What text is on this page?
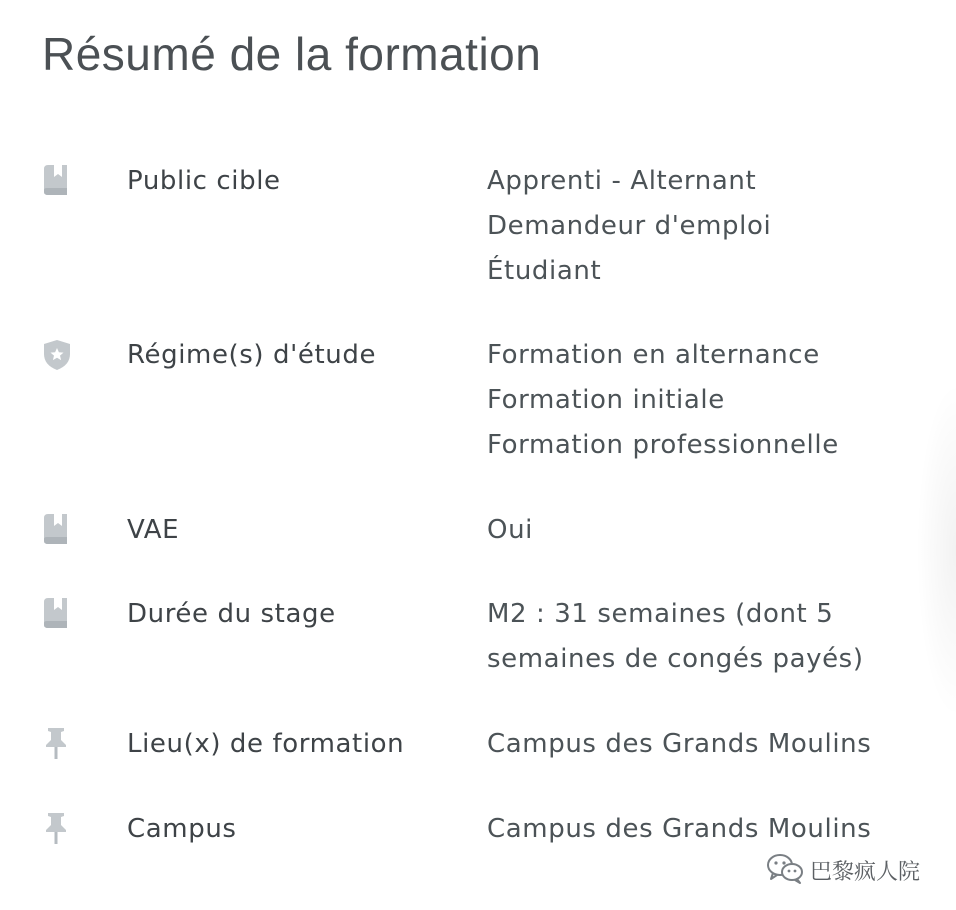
Résumé de la formation
Public cible	Apprenti - Alternant
Demandeur d'emploi
Étudiant
Régime(s) d'étude	Formation en alternance
Formation initiale
Formation professionnelle
VAE	Oui
Durée du stage	M2 : 31 semaines (dont 5
semaines de congés payés)
Lieu(x) de formation	Campus des Grands Moulins
Campus	Campus des Grands Moulins
巴黎疯人院
